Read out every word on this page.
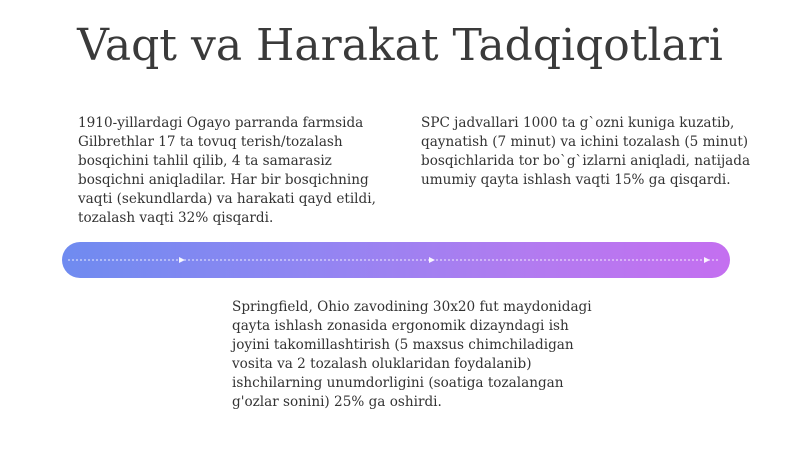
Vaqt va Harakat Tadqiqotlari

1910-yillardagi Ogayo parranda farmsida Gilbrethlar 17 ta tovuq terish/tozalash bosqichini tahlil qilib, 4 ta samarasiz bosqichni aniqladilar. Har bir bosqichning vaqti (sekundlarda) va harakati qayd etildi, tozalash vaqti 32% qisqardi.

SPC jadvallari 1000 ta g`ozni kuniga kuzatib, qaynatish (7 minut) va ichini tozalash (5 minut) bosqichlarida tor bo`g`izlarni aniqladi, natijada umumiy qayta ishlash vaqti 15% ga qisqardi.

Springfield, Ohio zavodining 30x20 fut maydonidagi qayta ishlash zonasida ergonomik dizayndagi ish joyini takomillashtirish (5 maxsus chimchiladigan vosita va 2 tozalash oluklaridan foydalanib) ishchilarning unumdorligini (soatiga tozalangan g'ozlar sonini) 25% ga oshirdi.
